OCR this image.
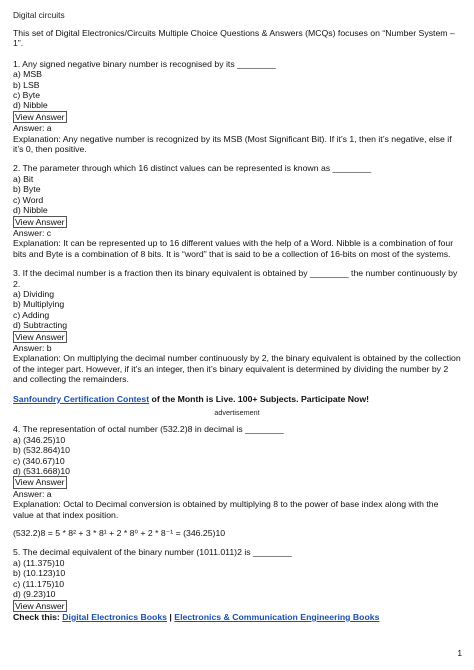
Digital circuits

This set of Digital Electronics/Circuits Multiple Choice Questions & Answers (MCQs) focuses on “Number System – 1”.

1. Any signed negative binary number is recognised by its ________
a) MSB
b) LSB
c) Byte
d) Nibble
View Answer
Answer: a
Explanation: Any negative number is recognized by its MSB (Most Significant Bit). If it’s 1, then it’s negative, else if it’s 0, then positive.
2. The parameter through which 16 distinct values can be represented is known as ________
a) Bit
b) Byte
c) Word
d) Nibble
View Answer
Answer: c
Explanation: It can be represented up to 16 different values with the help of a Word. Nibble is a combination of four bits and Byte is a combination of 8 bits. It is “word” that is said to be a collection of 16-bits on most of the systems.
3. If the decimal number is a fraction then its binary equivalent is obtained by ________ the number continuously by 2.
a) Dividing
b) Multiplying
c) Adding
d) Subtracting
View Answer
Answer: b
Explanation: On multiplying the decimal number continuously by 2, the binary equivalent is obtained by the collection of the integer part. However, if it’s an integer, then it’s binary equivalent is determined by dividing the number by 2 and collecting the remainders.
Sanfoundry Certification Contest of the Month is Live. 100+ Subjects. Participate Now!
advertisement
4. The representation of octal number (532.2)8 in decimal is ________
a) (346.25)10
b) (532.864)10
c) (340.67)10
d) (531.668)10
View Answer
Answer: a
Explanation: Octal to Decimal conversion is obtained by multiplying 8 to the power of base index along with the value at that index position.
(532.2)8 = 5 * 8² + 3 * 8¹ + 2 * 8⁰ + 2 * 8⁻¹ = (346.25)10
5. The decimal equivalent of the binary number (1011.011)2 is ________
a) (11.375)10
b) (10.123)10
c) (11.175)10
d) (9.23)10
View Answer
Check this: Digital Electronics Books | Electronics & Communication Engineering Books
1
